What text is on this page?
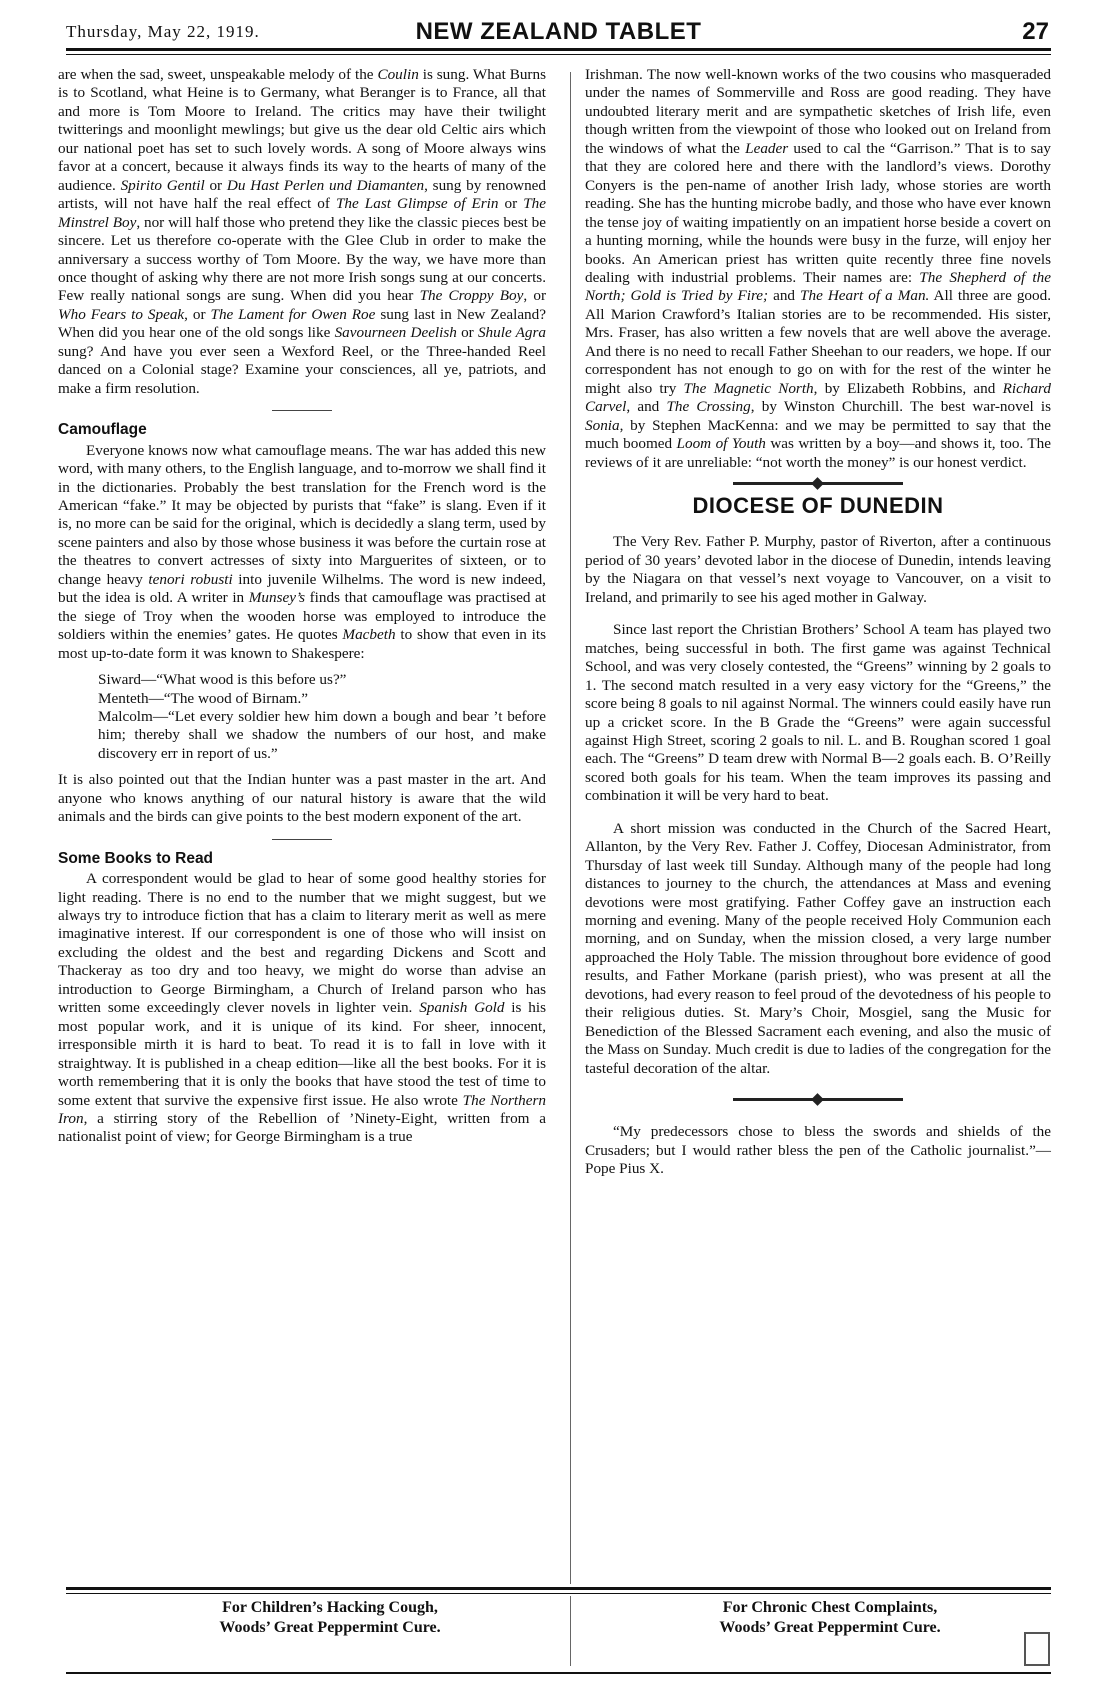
Thursday, May 22, 1919.	NEW ZEALAND TABLET	27

are when the sad, sweet, unspeakable melody of the Coulin is sung. What Burns is to Scotland, what Heine is to Germany, what Beranger is to France, all that and more is Tom Moore to Ireland. The critics may have their twilight twitterings and moonlight mewlings; but give us the dear old Celtic airs which our national poet has set to such lovely words. A song of Moore always wins favor at a concert, because it always finds its way to the hearts of many of the audience. Spirito Gentil or Du Hast Perlen und Diamanten, sung by renowned artists, will not have half the real effect of The Last Glimpse of Erin or The Minstrel Boy, nor will half those who pretend they like the classic pieces best be sincere. Let us therefore co-operate with the Glee Club in order to make the anniversary a success worthy of Tom Moore. By the way, we have more than once thought of asking why there are not more Irish songs sung at our concerts. Few really national songs are sung. When did you hear The Croppy Boy, or Who Fears to Speak, or The Lament for Owen Roe sung last in New Zealand? When did you hear one of the old songs like Savourneen Deelish or Shule Agra sung? And have you ever seen a Wexford Reel, or the Three-handed Reel danced on a Colonial stage? Examine your consciences, all ye, patriots, and make a firm resolution.

Camouflage

Everyone knows now what camouflage means. The war has added this new word, with many others, to the English language, and to-morrow we shall find it in the dictionaries. Probably the best translation for the French word is the American “fake.” It may be objected by purists that “fake” is slang. Even if it is, no more can be said for the original, which is decidedly a slang term, used by scene painters and also by those whose business it was before the curtain rose at the theatres to convert actresses of sixty into Marguerites of sixteen, or to change heavy tenori robusti into juvenile Wilhelms. The word is new indeed, but the idea is old. A writer in Munsey’s finds that camouflage was practised at the siege of Troy when the wooden horse was employed to introduce the soldiers within the enemies’ gates. He quotes Macbeth to show that even in its most up-to-date form it was known to Shakespere:

Siward—“What wood is this before us?”

Menteth—“The wood of Birnam.”

Malcolm—“Let every soldier hew him down a bough and bear ’t before him; thereby shall we shadow the numbers of our host, and make discovery err in report of us.”

It is also pointed out that the Indian hunter was a past master in the art. And anyone who knows anything of our natural history is aware that the wild animals and the birds can give points to the best modern exponent of the art.

Some Books to Read

A correspondent would be glad to hear of some good healthy stories for light reading. There is no end to the number that we might suggest, but we always try to introduce fiction that has a claim to literary merit as well as mere imaginative interest. If our correspondent is one of those who will insist on excluding the oldest and the best and regarding Dickens and Scott and Thackeray as too dry and too heavy, we might do worse than advise an introduction to George Birmingham, a Church of Ireland parson who has written some exceedingly clever novels in lighter vein. Spanish Gold is his most popular work, and it is unique of its kind. For sheer, innocent, irresponsible mirth it is hard to beat. To read it is to fall in love with it straightway. It is published in a cheap edition—like all the best books. For it is worth remembering that it is only the books that have stood the test of time to some extent that survive the expensive first issue. He also wrote The Northern Iron, a stirring story of the Rebellion of ’Ninety-Eight, written from a nationalist point of view; for George Birmingham is a true

Irishman. The now well-known works of the two cousins who masqueraded under the names of Sommerville and Ross are good reading. They have undoubted literary merit and are sympathetic sketches of Irish life, even though written from the viewpoint of those who looked out on Ireland from the windows of what the Leader used to cal the “Garrison.” That is to say that they are colored here and there with the landlord’s views. Dorothy Conyers is the pen-name of another Irish lady, whose stories are worth reading. She has the hunting microbe badly, and those who have ever known the tense joy of waiting impatiently on an impatient horse beside a covert on a hunting morning, while the hounds were busy in the furze, will enjoy her books. An American priest has written quite recently three fine novels dealing with industrial problems. Their names are: The Shepherd of the North; Gold is Tried by Fire; and The Heart of a Man. All three are good. All Marion Crawford’s Italian stories are to be recommended. His sister, Mrs. Fraser, has also written a few novels that are well above the average. And there is no need to recall Father Sheehan to our readers, we hope. If our correspondent has not enough to go on with for the rest of the winter he might also try The Magnetic North, by Elizabeth Robbins, and Richard Carvel, and The Crossing, by Winston Churchill. The best war-novel is Sonia, by Stephen MacKenna: and we may be permitted to say that the much boomed Loom of Youth was written by a boy—and shows it, too. The reviews of it are unreliable: “not worth the money” is our honest verdict.

DIOCESE OF DUNEDIN

The Very Rev. Father P. Murphy, pastor of Riverton, after a continuous period of 30 years’ devoted labor in the diocese of Dunedin, intends leaving by the Niagara on that vessel’s next voyage to Vancouver, on a visit to Ireland, and primarily to see his aged mother in Galway.

Since last report the Christian Brothers’ School A team has played two matches, being successful in both. The first game was against Technical School, and was very closely contested, the “Greens” winning by 2 goals to 1. The second match resulted in a very easy victory for the “Greens,” the score being 8 goals to nil against Normal. The winners could easily have run up a cricket score. In the B Grade the “Greens” were again successful against High Street, scoring 2 goals to nil. L. and B. Roughan scored 1 goal each. The “Greens” D team drew with Normal B—2 goals each. B. O’Reilly scored both goals for his team. When the team improves its passing and combination it will be very hard to beat.

A short mission was conducted in the Church of the Sacred Heart, Allanton, by the Very Rev. Father J. Coffey, Diocesan Administrator, from Thursday of last week till Sunday. Although many of the people had long distances to journey to the church, the attendances at Mass and evening devotions were most gratifying. Father Coffey gave an instruction each morning and evening. Many of the people received Holy Communion each morning, and on Sunday, when the mission closed, a very large number approached the Holy Table. The mission throughout bore evidence of good results, and Father Morkane (parish priest), who was present at all the devotions, had every reason to feel proud of the devotedness of his people to their religious duties. St. Mary’s Choir, Mosgiel, sang the Music for Benediction of the Blessed Sacrament each evening, and also the music of the Mass on Sunday. Much credit is due to ladies of the congregation for the tasteful decoration of the altar.

“My predecessors chose to bless the swords and shields of the Crusaders; but I would rather bless the pen of the Catholic journalist.”—Pope Pius X.

For Children’s Hacking Cough,
Woods’ Great Peppermint Cure.
For Chronic Chest Complaints,
Woods’ Great Peppermint Cure.
